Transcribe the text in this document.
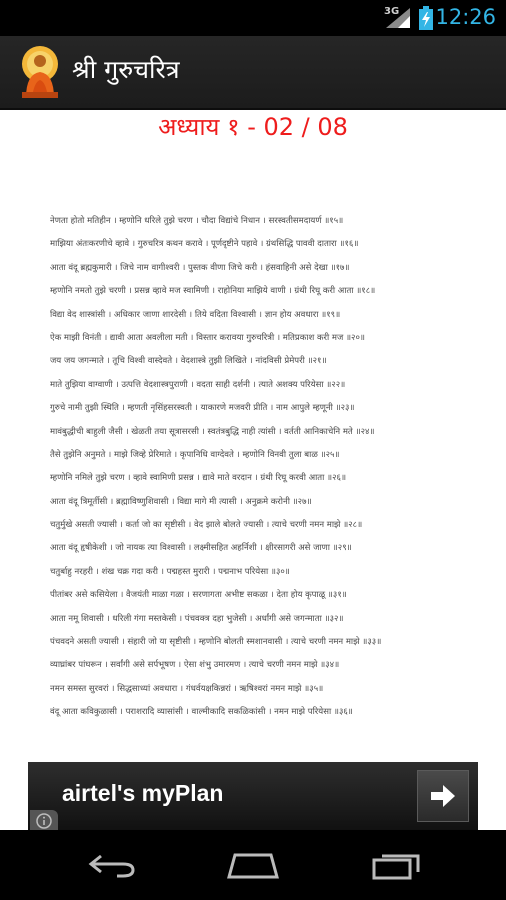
3G 12:26
श्री गुरुचरित्र
अध्याय १ - 02 / 08
नेणता होतो मतिहीन । म्हणोनि धरिले तुझे चरण । चौदा विद्यांचे निधान । सरस्वतीसमदायर्ण ॥१५॥
माझिया अंतःकरणीचे व्हावे । गुरुचरित्र कथन करावे । पूर्णदृष्टीने पहावे । ग्रंथसिद्धि पाववी दातारा ॥१६॥
आता वंदू ब्रह्मकुमारी । जिचे नाम वागीश्वरी । पुस्तक वीणा जिचे करी । हंसवाहिनी असे देखा ॥१७॥
म्हणोनि नमतो तुझे चरणी । प्रसन्न व्हावे मज स्वामिणी । राहोनिया माझिये वाणी । ग्रंथी रिघू करी आता ॥१८॥
विद्या वेद शास्त्रांसी । अधिकार जाणा शारदेसी । तिये वदिता विश्वासी । ज्ञान होय अवधारा ॥१९॥
ऐक माझी विनंती । द्यावी आता अवलीला मती । विस्तार करावया गुरुचरित्री । मतिप्रकाश करी मज ॥२०॥
जय जय जगन्माते । तूचि विश्वी वास्देवते । वेदशास्त्रे तुझी लिखिते । नांदविसी प्रेमेपरी ॥२१॥
माते तुझिया वाग्वाणी । उत्पत्ति वेदशास्त्रपुराणी । वदता साही दर्शनी । त्याते अशक्य परियेसा ॥२२॥
गुरुचे नामी तुझी स्थिति । म्हणती नृसिंहसरस्वती । याकारणे मजवरी प्रीति । नाम आपुले म्हणूनी ॥२३॥
मावंबुद्धीची बाहुली जैसी । खेळती तया सूत्रासरसी । स्वतंत्रबुद्धि नाही त्यांसी । वर्तती आनिकाचेनि मते ॥२४॥
तैसे तुझेनि अनुमते । माझे जिव्हे प्रेरिमाते । कृपानिधि वाग्देवते । म्हणोनि विनवी तुला बाळ ॥२५॥
म्हणोनि नमिले तुझे चरण । व्हावे स्वामिणी प्रसन्न । द्यावे माते वरदान । ग्रंथी रिघू करवी आता ॥२६॥
आता वंदू त्रिमूर्तीसी । ब्रह्माविष्णुशिवासी । विद्या मागे मी त्यासी । अनुक्रमे करोनी ॥२७॥
चतुर्मुखे असती ज्यासी । कर्ता जो का सृष्टीसी । वेद झाले बोलते ज्यासी । त्याचे चरणी नमन माझे ॥२८॥
आता वंदू हृषीकेशी । जो नायक त्या विश्वासी । लक्ष्मीसहित अहर्निशी । क्षीरसागरी असे जाणा ॥२९॥
चतुर्बाहु नरहरी । शंख चक्र गदा करी । पद्महस्त मुरारी । पद्मनाभ परियेसा ॥३०॥
पीतांबर असे कसियेला । वैजयंती माळा गळा । सरणागता अभीष्ट सकळा । देता होय कृपाळू ॥३१॥
आता नमू शिवासी । धरिली गंगा मस्तकेसी । पंचवक्त्र दहा भुजेसी । अर्धांगी असे जगन्माता ॥३२॥
पंचवदने असती ज्यासी । संहारी जो या सृष्टीसी । म्हणोनि बोलती स्मशानवासी । त्याचे चरणी नमन माझे ॥३३॥
व्याघ्रांबर पांघरून । सर्वांगी असे सर्पभूषण । ऐसा शंभु उमारमण । त्याचे चरणी नमन माझे ॥३४॥
नमन समस्त सुरवरां । सिद्धसाध्यां अवधारा । गंधर्वयक्षकिन्नरां । ऋषिश्वरां नमन माझे ॥३५॥
वंदू आता कविकुळासी । पराशरादि व्यासांसी । वाल्मीकादि सकळिकांसी । नमन माझे परियेसा ॥३६॥
airtel's myPlan
